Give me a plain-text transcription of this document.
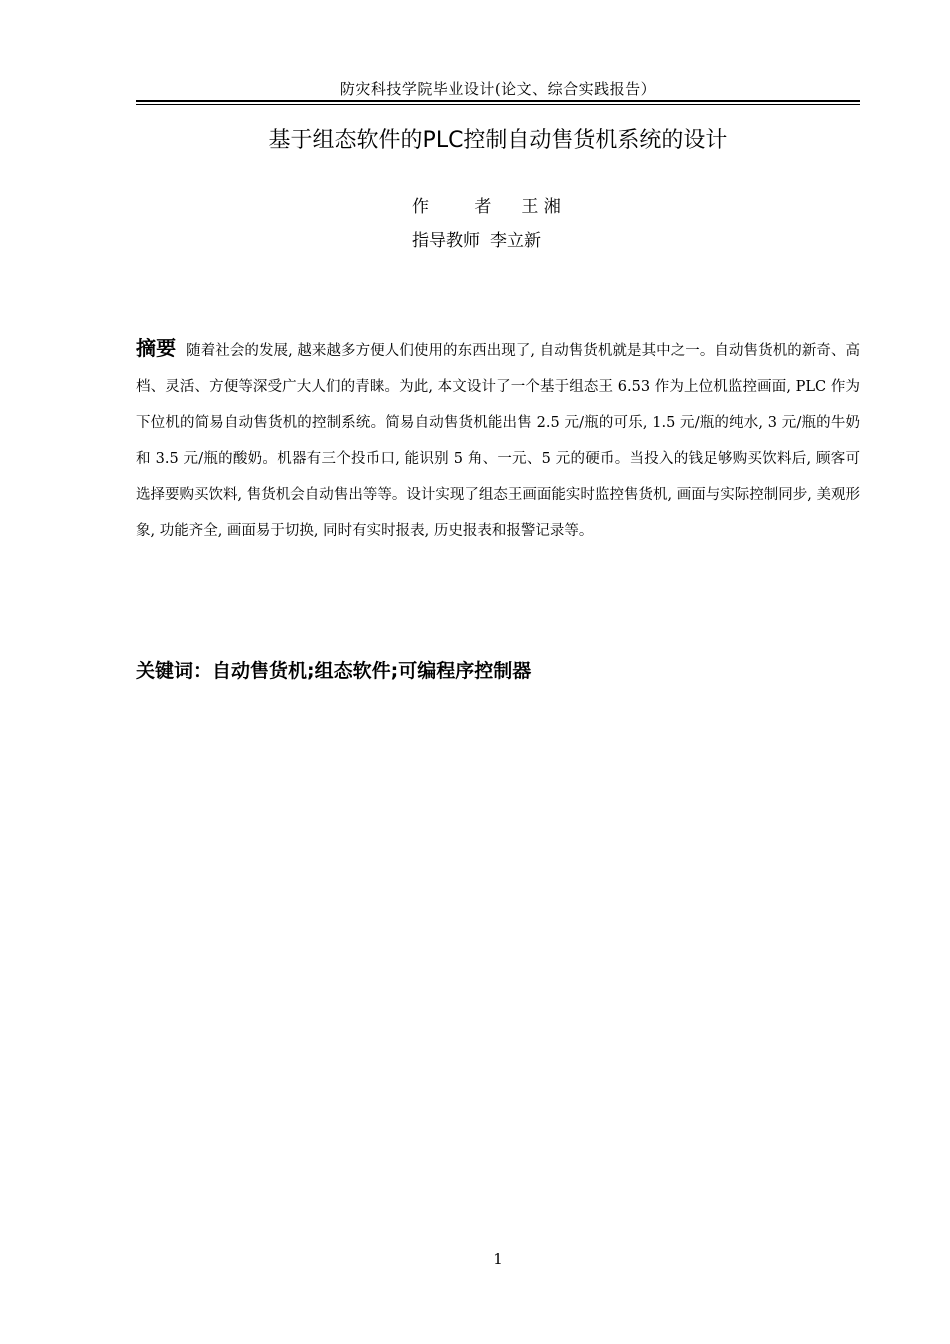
防灾科技学院毕业设计(论文、综合实践报告）
基于组态软件的PLC控制自动售货机系统的设计
作 者 王 湘
指导教师 李立新
摘要 随着社会的发展, 越来越多方便人们使用的东西出现了, 自动售货机就是其中之一。自动售货机的新奇、高档、灵活、方便等深受广大人们的青睐。为此, 本文设计了一个基于组态王 6.53 作为上位机监控画面, PLC 作为下位机的简易自动售货机的控制系统。简易自动售货机能出售 2.5 元/瓶的可乐, 1.5 元/瓶的纯水, 3 元/瓶的牛奶和 3.5 元/瓶的酸奶。机器有三个投币口, 能识别 5 角、一元、5 元的硬币。当投入的钱足够购买饮料后, 顾客可选择要购买饮料, 售货机会自动售出等等。设计实现了组态王画面能实时监控售货机, 画面与实际控制同步, 美观形象, 功能齐全, 画面易于切换, 同时有实时报表, 历史报表和报警记录等。
关键词：自动售货机;组态软件;可编程序控制器
1
